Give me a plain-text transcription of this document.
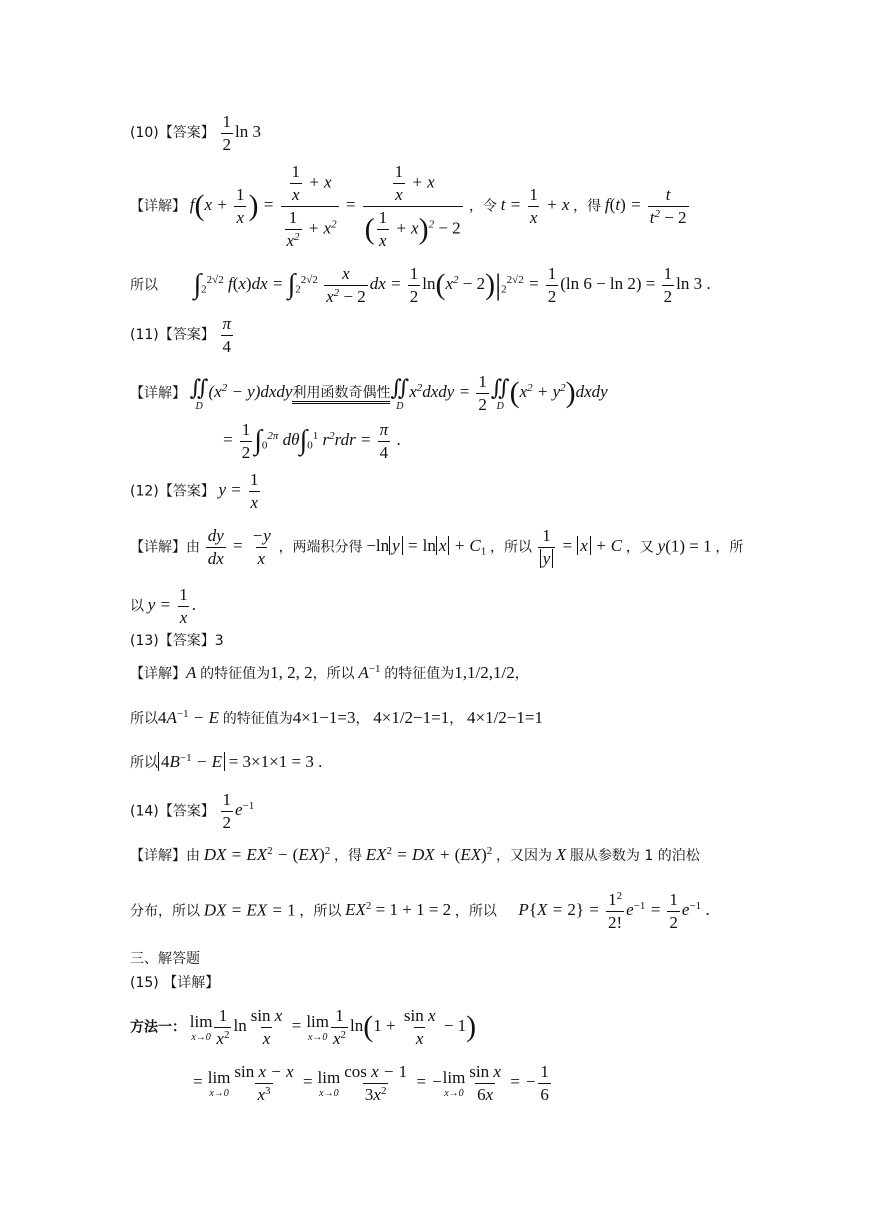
(10)【答案】 $\frac{1}{2}$ ln 3
【详解】 $f(x + \frac{1}{x}$ ) = $\frac{\frac{1}{x} + x}{\frac{1}{x^2} + x^2} = \frac{\frac{1}{x} + x}{( \frac{1}{x} + x)^2 - 2}$ ，令 $t = \frac{1}{x} + x$ ，得 $f(t) = \frac{t}{t^2 - 2}$
所以 $\int_2^{2√2}$ $f(x)dx = \int_2^{2√2} \frac{x}{x^2 - 2}$ dx = $\frac{1}{2} \ln(x^2 - 2)|_2^{2√2} = \frac{1}{2} (\ln$ $6 - \ln 2) = \frac{1}{2}$ ln 3 .
(11)【答案】 $\frac{\pi}{4}$
【详解】 ∬
D
($x^2$ − y)dxdy利用函数奇偶性 ∬
D
$x^2dxdy = \frac{1}{2}$ ∬
D ($x^2$ + $y^2)dxdy$
= $\frac{1}{2} \int_0^{2\pi}$ $d\theta\int_0^1$ $r^2rdr = \frac{\pi}{4}$ .
(12)【答案】 $y = \frac{1}{x}$
【详解】由 $\frac{dy}{dx} = \frac{-y}{x}$ ，两端积分得 −ln $y = \ln x + C_1$ ，所以 $\frac{1}{y} = x + C$ ，又 y(1) = 1 ，所
以 $y = \frac{1}{x}$ .
(13)【答案】3
【详解】A 的特征值为1, 2, 2，所以 $A^{-1}$ 的特征值为1,1/2,1/2，
所以$4A^{-1} - E$ 的特征值为4×1−1=3， 4×1/2−1=1， 4×1/2−1=1
所以 $4B^{-1} - E = 3\times 1\times 1 = 3$ .
(14)【答案】 $\frac{1}{2} e^{-1}$
【详解】由 DX = $EX^2 - (EX)^2$ ，得 $EX^2$ = DX + (EX)$^2$ ，又因为 X 服从参数为 1 的泊松
分布，所以 DX = EX = 1 ，所以 $EX^2 = 1 + 1 = 2$ ，所以 $P\{X = 2\} = \frac{1^2}{2!} e^{-1} = \frac{1}{2} e^{-1}$ .
三、解答题
(15) 【详解】
方法一： lim
$x\to 0 \frac{1}{x^2}$ $\ln \frac{\text{sin x}}{x} = \lim$
$x\to 0 \frac{1}{x^2} \ln(1 + \frac{\text{sin x}}{x} - 1)$
= lim
$x\to 0 \frac{\text{sin x − x}}{x^3} = \lim$
$x\to 0 \frac{\text{cos x − 1}}{3x^2}$ = − lim
$x\to 0 \frac{\text{sin x}}{6x}$ = − $\frac{1}{6}$
